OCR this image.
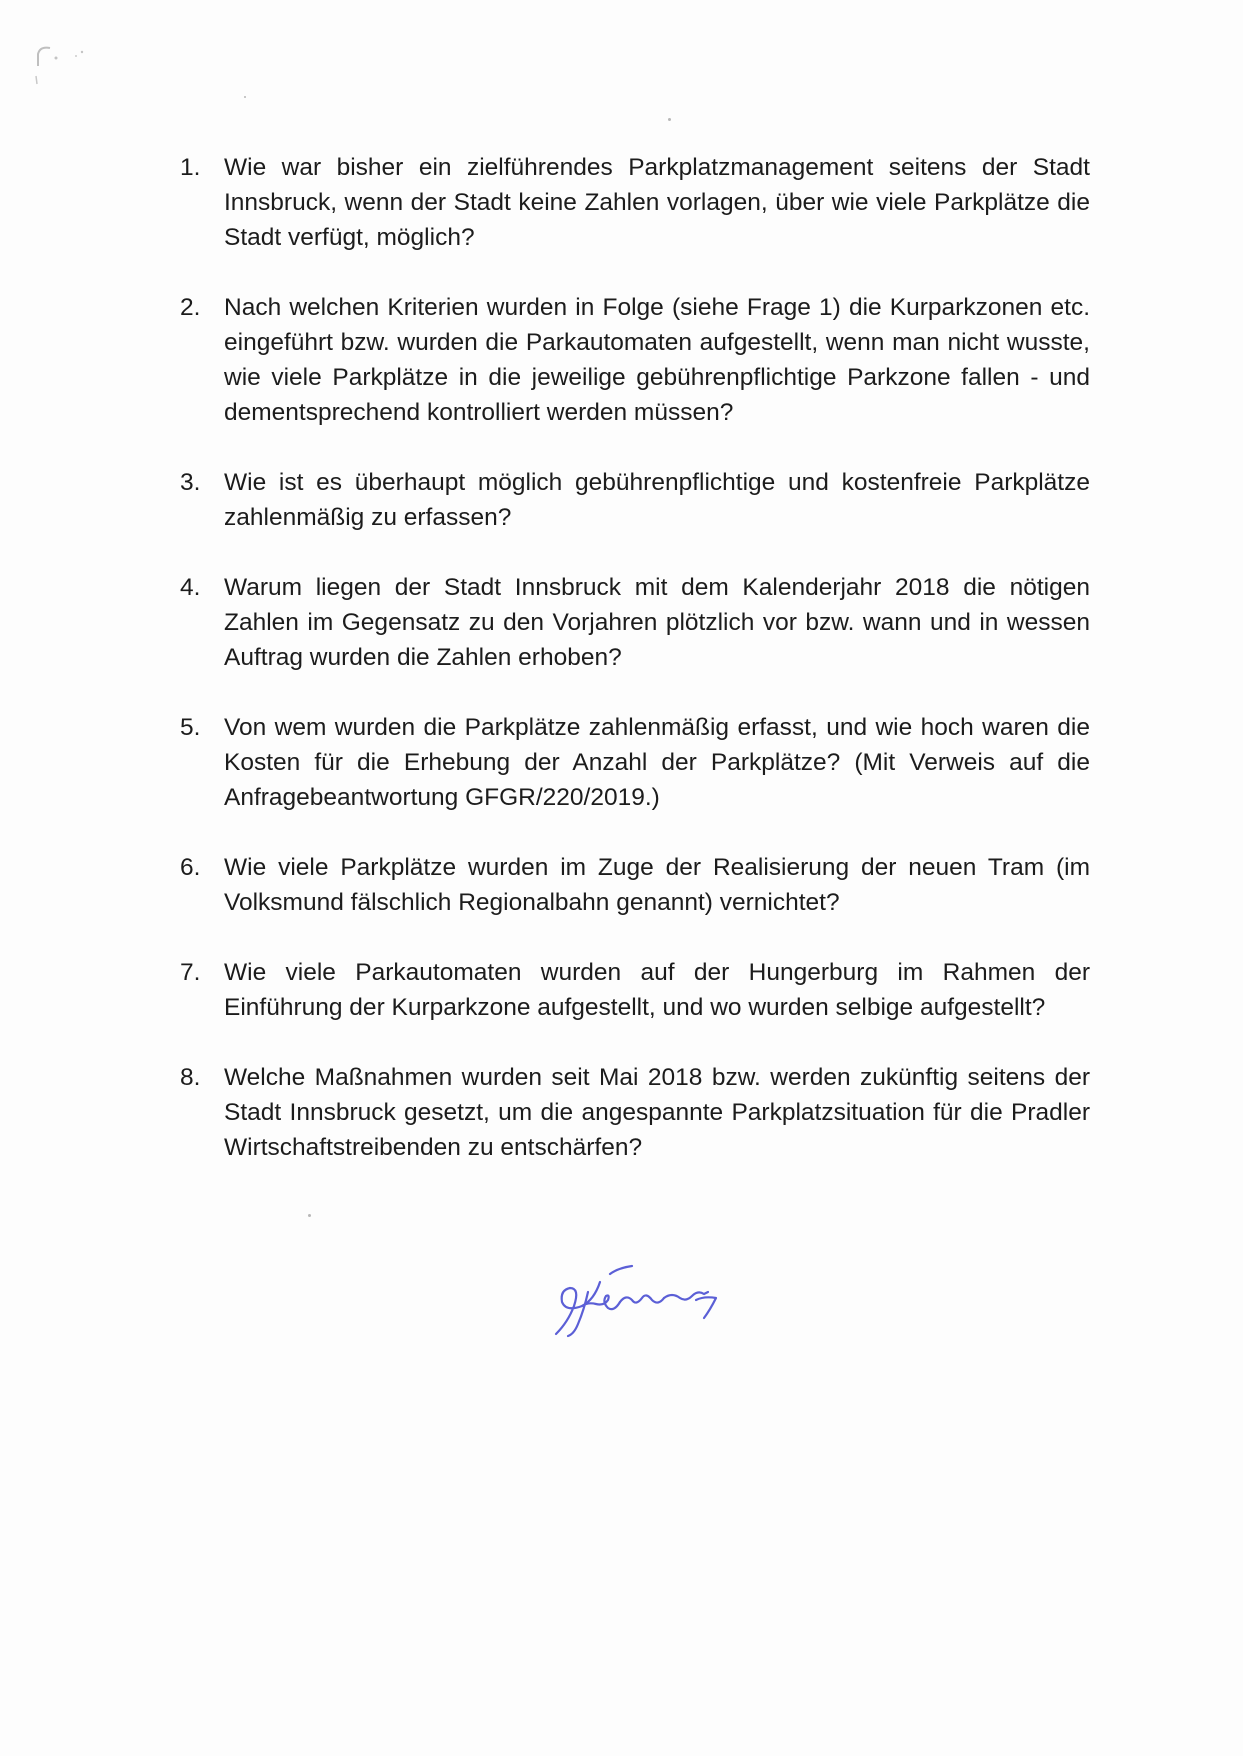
1. Wie war bisher ein zielführendes Parkplatzmanagement seitens der Stadt Innsbruck, wenn der Stadt keine Zahlen vorlagen, über wie viele Parkplätze die Stadt verfügt, möglich?
2. Nach welchen Kriterien wurden in Folge (siehe Frage 1) die Kurparkzonen etc. eingeführt bzw. wurden die Parkautomaten aufgestellt, wenn man nicht wusste, wie viele Parkplätze in die jeweilige gebührenpflichtige Parkzone fallen - und dementsprechend kontrolliert werden müssen?
3. Wie ist es überhaupt möglich gebührenpflichtige und kostenfreie Parkplätze zahlenmäßig zu erfassen?
4. Warum liegen der Stadt Innsbruck mit dem Kalenderjahr 2018 die nötigen Zahlen im Gegensatz zu den Vorjahren plötzlich vor bzw. wann und in wessen Auftrag wurden die Zahlen erhoben?
5. Von wem wurden die Parkplätze zahlenmäßig erfasst, und wie hoch waren die Kosten für die Erhebung der Anzahl der Parkplätze? (Mit Verweis auf die Anfragebeantwortung GFGR/220/2019.)
6. Wie viele Parkplätze wurden im Zuge der Realisierung der neuen Tram (im Volksmund fälschlich Regionalbahn genannt) vernichtet?
7. Wie viele Parkautomaten wurden auf der Hungerburg im Rahmen der Einführung der Kurparkzone aufgestellt, und wo wurden selbige aufgestellt?
8. Welche Maßnahmen wurden seit Mai 2018 bzw. werden zukünftig seitens der Stadt Innsbruck gesetzt, um die angespannte Parkplatzsituation für die Pradler Wirtschaftstreibenden zu entschärfen?
